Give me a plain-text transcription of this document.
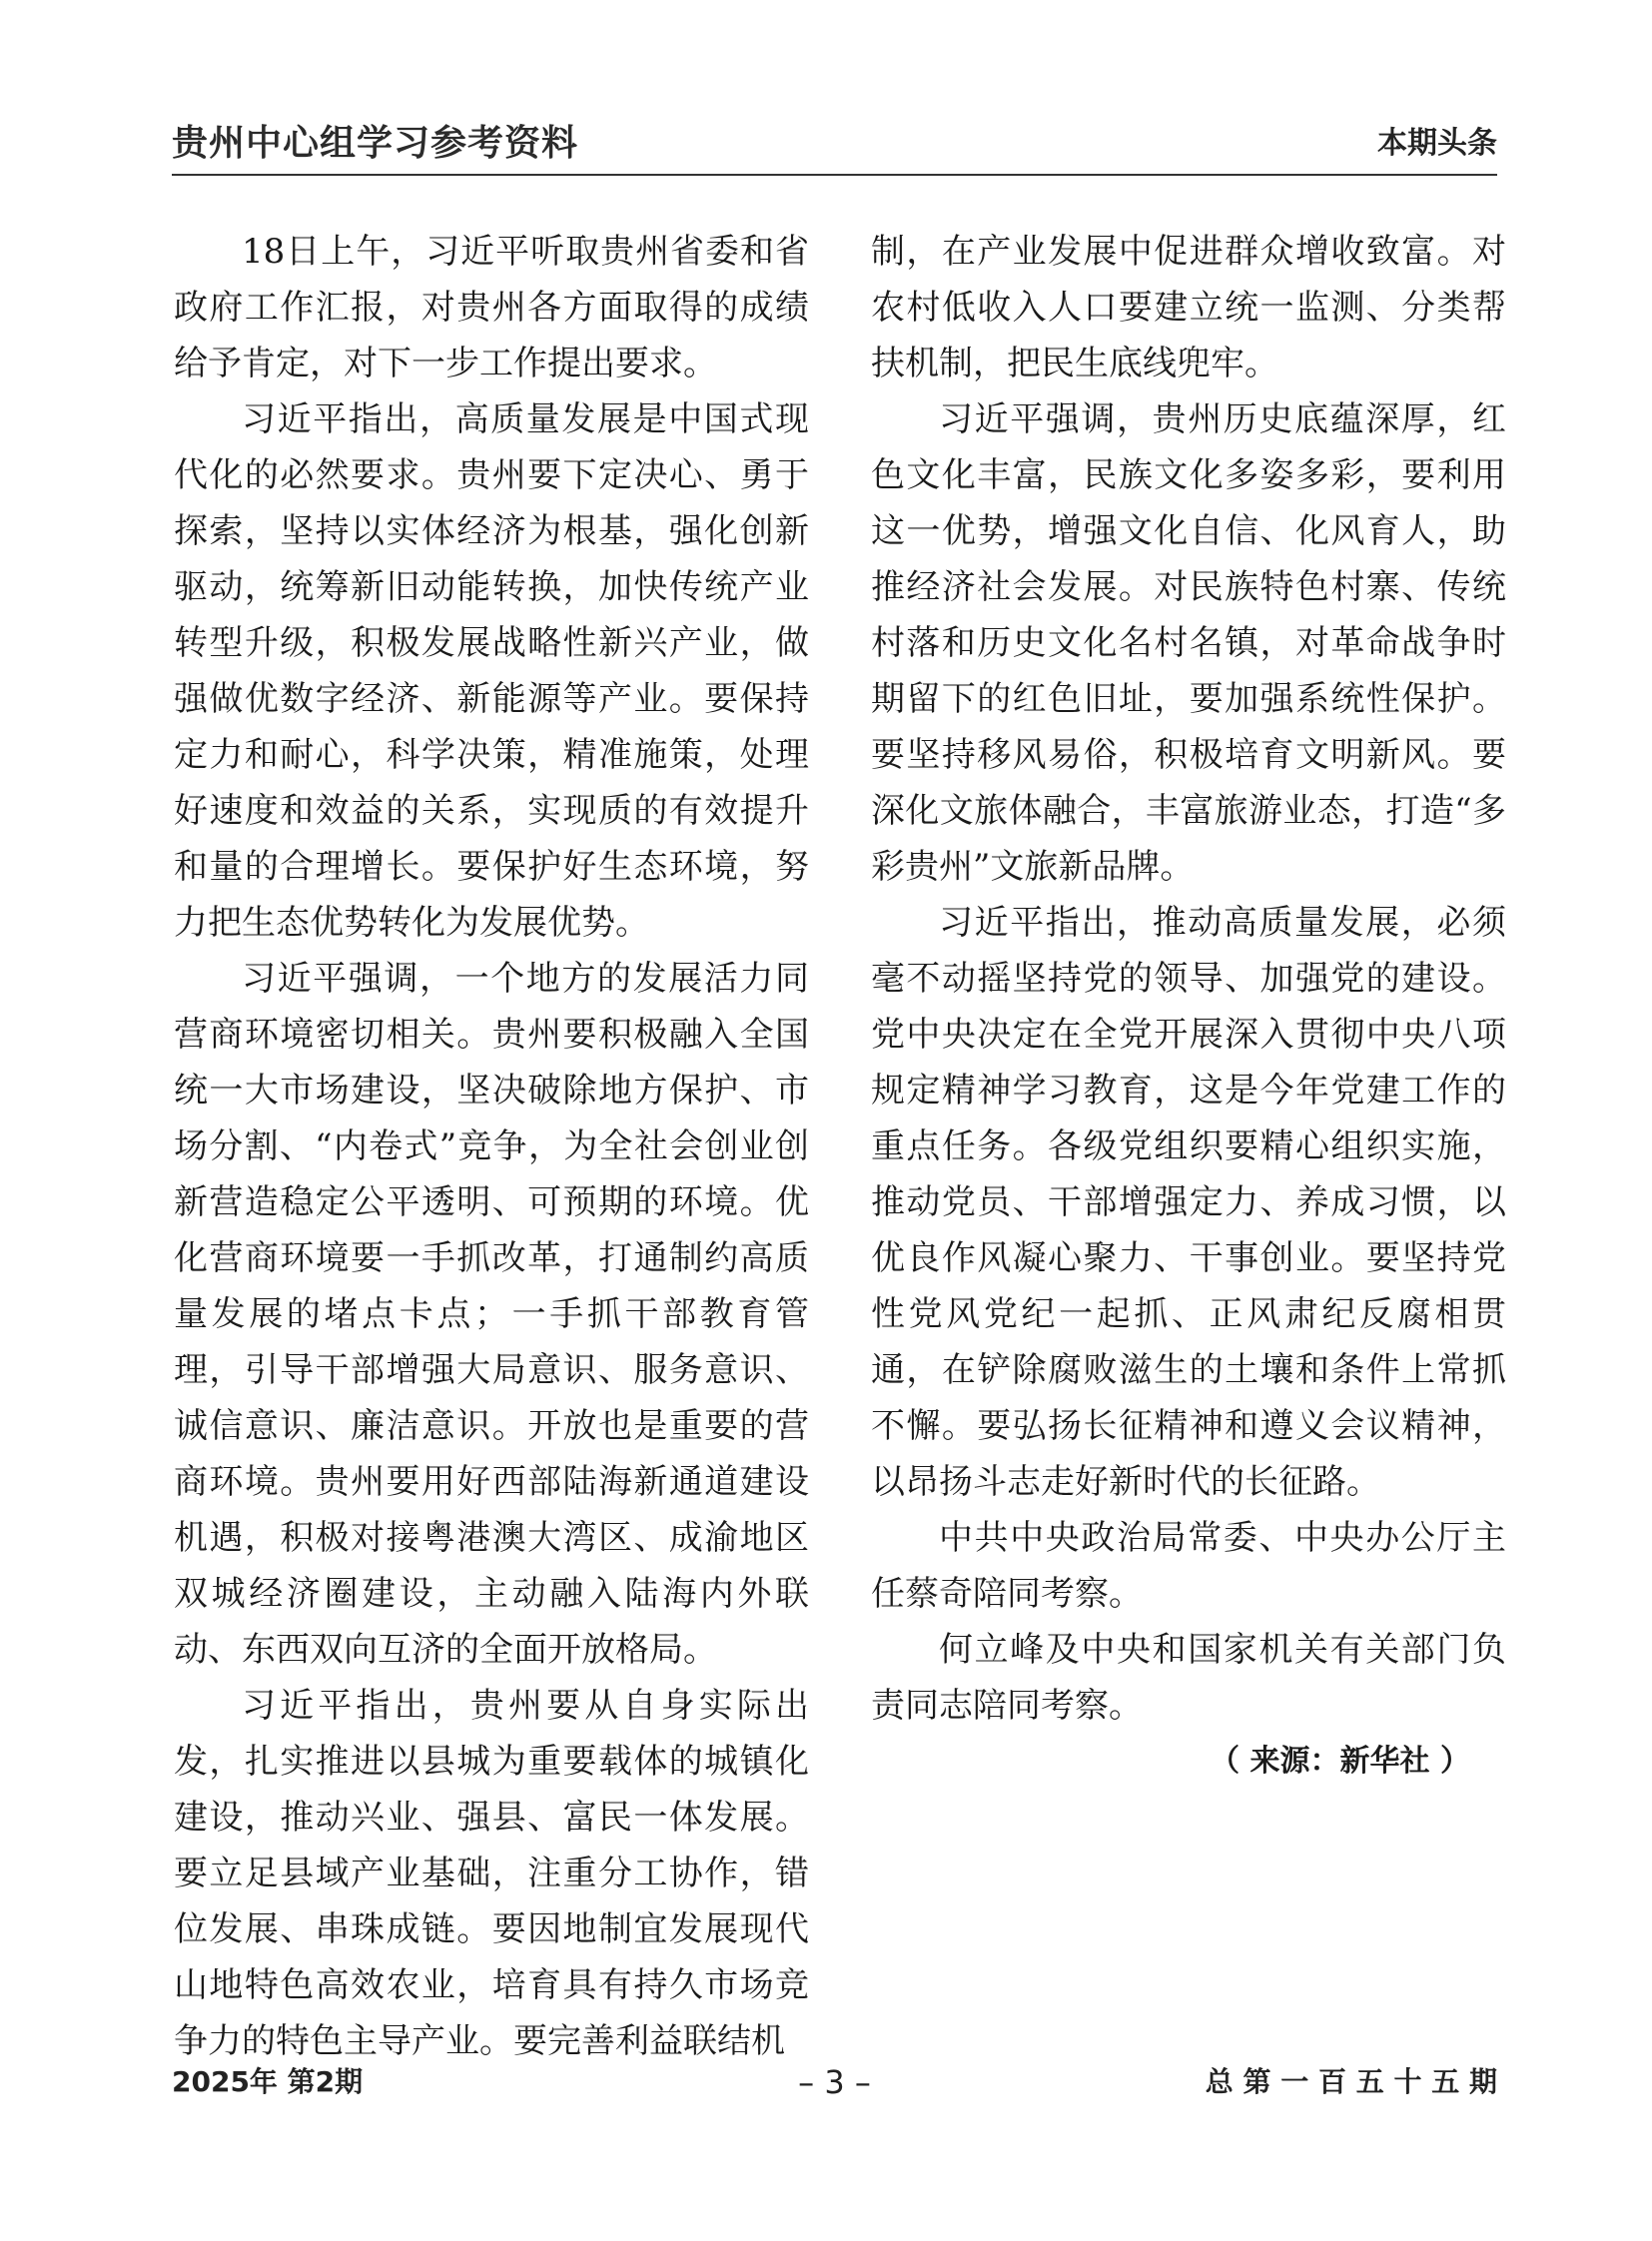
贵州中心组学习参考资料	本期头条

18日上午，习近平听取贵州省委和省政府工作汇报，对贵州各方面取得的成绩给予肯定，对下一步工作提出要求。

习近平指出，高质量发展是中国式现代化的必然要求。贵州要下定决心、勇于探索，坚持以实体经济为根基，强化创新驱动，统筹新旧动能转换，加快传统产业转型升级，积极发展战略性新兴产业，做强做优数字经济、新能源等产业。要保持定力和耐心，科学决策，精准施策，处理好速度和效益的关系，实现质的有效提升和量的合理增长。要保护好生态环境，努力把生态优势转化为发展优势。

习近平强调，一个地方的发展活力同营商环境密切相关。贵州要积极融入全国统一大市场建设，坚决破除地方保护、市场分割、“内卷式”竞争，为全社会创业创新营造稳定公平透明、可预期的环境。优化营商环境要一手抓改革，打通制约高质量发展的堵点卡点；一手抓干部教育管理，引导干部增强大局意识、服务意识、诚信意识、廉洁意识。开放也是重要的营商环境。贵州要用好西部陆海新通道建设机遇，积极对接粤港澳大湾区、成渝地区双城经济圈建设，主动融入陆海内外联动、东西双向互济的全面开放格局。

习近平指出，贵州要从自身实际出发，扎实推进以县城为重要载体的城镇化建设，推动兴业、强县、富民一体发展。要立足县域产业基础，注重分工协作，错位发展、串珠成链。要因地制宜发展现代山地特色高效农业，培育具有持久市场竞争力的特色主导产业。要完善利益联结机

制，在产业发展中促进群众增收致富。对农村低收入人口要建立统一监测、分类帮扶机制，把民生底线兜牢。

习近平强调，贵州历史底蕴深厚，红色文化丰富，民族文化多姿多彩，要利用这一优势，增强文化自信、化风育人，助推经济社会发展。对民族特色村寨、传统村落和历史文化名村名镇，对革命战争时期留下的红色旧址，要加强系统性保护。要坚持移风易俗，积极培育文明新风。要深化文旅体融合，丰富旅游业态，打造“多彩贵州”文旅新品牌。

习近平指出，推动高质量发展，必须毫不动摇坚持党的领导、加强党的建设。党中央决定在全党开展深入贯彻中央八项规定精神学习教育，这是今年党建工作的重点任务。各级党组织要精心组织实施，推动党员、干部增强定力、养成习惯，以优良作风凝心聚力、干事创业。要坚持党性党风党纪一起抓、正风肃纪反腐相贯通，在铲除腐败滋生的土壤和条件上常抓不懈。要弘扬长征精神和遵义会议精神，以昂扬斗志走好新时代的长征路。

中共中央政治局常委、中央办公厅主任蔡奇陪同考察。

何立峰及中央和国家机关有关部门负责同志陪同考察。

（ 来源：新华社 ）

2025年 第2期	– 3 –	总 第 一 百 五 十 五 期
